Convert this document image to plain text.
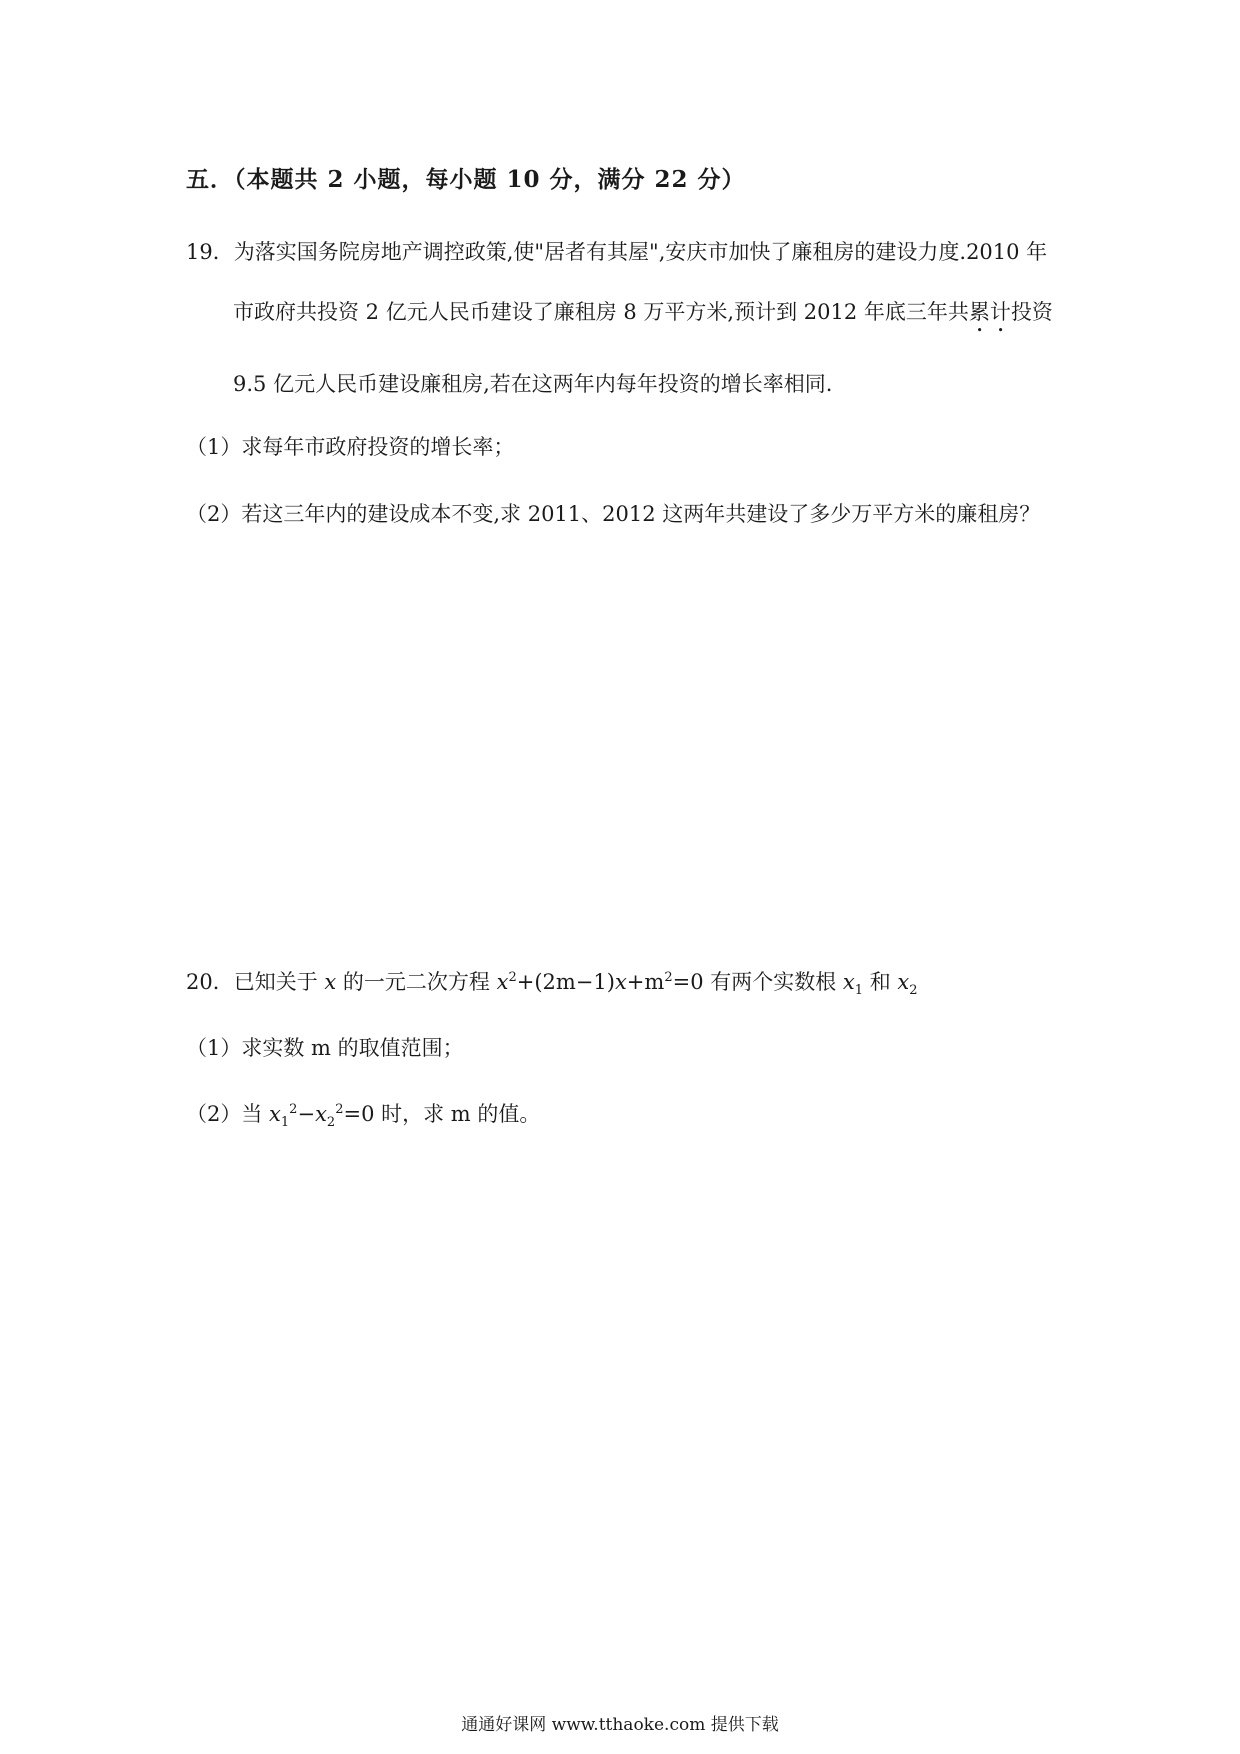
五．（本题共 2 小题，每小题 10 分，满分 22 分）
19．为落实国务院房地产调控政策,使"居者有其屋",安庆市加快了廉租房的建设力度.2010 年
市政府共投资 2 亿元人民币建设了廉租房 8 万平方米,预计到 2012 年底三年共累计投资
9.5 亿元人民币建设廉租房,若在这两年内每年投资的增长率相同.
（1）求每年市政府投资的增长率；
（2）若这三年内的建设成本不变,求 2011、2012 这两年共建设了多少万平方米的廉租房？
20．已知关于 x 的一元二次方程 $x^2+(2m-1)x+m^2=0$ 有两个实数根 $x_1$ 和 $x_2$
（1）求实数 m 的取值范围；
（2）当 $x_1^2-x_2^2=0$ 时，求 m 的值。
通通好课网 www.tthaoke.com 提供下载
